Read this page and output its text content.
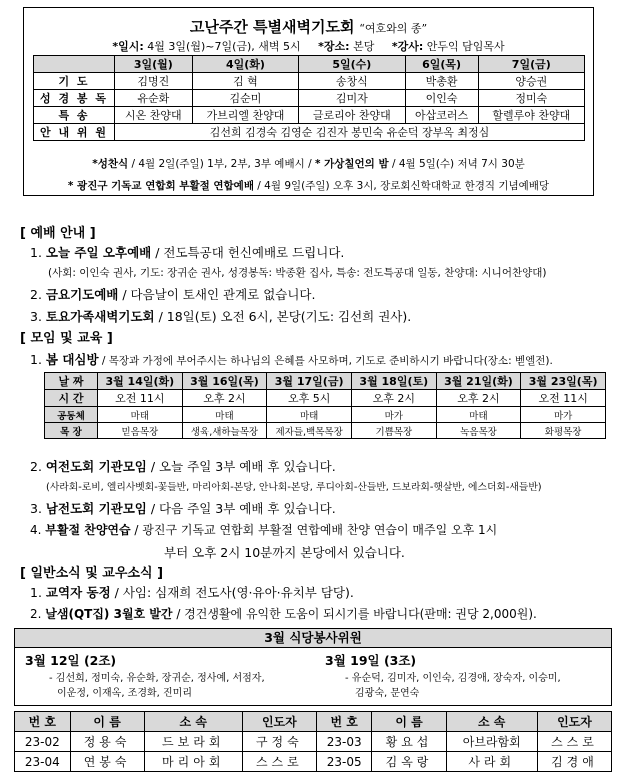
고난주간 특별새벽기도회 “여호와의 종”
*일시: 4월 3일(월)~7일(금), 새벽 5시 *장소: 본당 *강사: 안두익 담임목사
	3일(월)	4일(화)	5일(수)	6일(목)	7일(금)
기 도	김명진	김 혁	송창식	박총환	양승권
성 경 봉 독	유순화	김순미	김미자	이인숙	정미숙
특 송	시온 찬양대	가브리엘 찬양대	글로리아 찬양대	아삽코러스	할렐루야 찬양대
안 내 위 원	김선희 김경숙 김영순 김진자 봉민숙 유순덕 장부옥 최정심				
*성찬식 / 4월 2일(주일) 1부, 2부, 3부 예배시 / * 가상칠언의 밤 / 4월 5일(수) 저녁 7시 30분
* 광진구 기독교 연합회 부활절 연합예배 / 4월 9일(주일) 오후 3시, 장로회신학대학교 한경직 기념예배당
[ 예배 안내 ]
1. 오늘 주일 오후예배 / 전도특공대 헌신예배로 드립니다.
(사회: 이인숙 권사, 기도: 장귀순 권사, 성경봉독: 박종환 집사, 특송: 전도특공대 일동, 찬양대: 시니어찬양대)
2. 금요기도예배 / 다음날이 토새인 관계로 없습니다.
3. 토요가족새벽기도회 / 18일(토) 오전 6시, 본당(기도: 김선희 권사).
[ 모임 및 교육 ]
1. 봄 대심방 / 목장과 가정에 부어주시는 하나님의 은혜를 사모하며, 기도로 준비하시기 바랍니다(장소: 벧엘전).
날 짜	3월 14일(화)	3월 16일(목)	3월 17일(금)	3월 18일(토)	3월 21일(화)	3월 23일(목)
시 간	오전 11시	오후 2시	오후 5시	오후 2시	오후 2시	오전 11시
공동체	마태	마태	마태	마가	마태	마가
목 장	믿음목장	생육,새하늘목장	제자들,백목목장	기쁨목장	녹음목장	화평목장
2. 여전도회 기관모임 / 오늘 주일 3부 예배 후 있습니다.
(사라회-로비, 엘리사벳회-꽃들반, 마리아회-본당, 안나회-본당, 루디아회-산들반, 드보라회-햇살반, 에스더회-새들반)
3. 남전도회 기관모임 / 다음 주일 3부 예배 후 있습니다.
4. 부활절 찬양연습 / 광진구 기독교 연합회 부활절 연합예배 찬양 연습이 매주일 오후 1시
부터 오후 2시 10분까지 본당에서 있습니다.
[ 일반소식 및 교우소식 ]
1. 교역자 동정 / 사임: 심재희 전도사(영·유아·유치부 담당).
2. 날샘(QT집) 3월호 발간 / 경건생활에 유익한 도움이 되시기를 바랍니다(판매: 권당 2,000원).
3월 식당봉사위원
3월 12일 (2조)
- 김선희, 정미숙, 유순화, 장귀순, 정사예, 서점자,
이운정, 이재옥, 조경화, 진미리
3월 19일 (3조)
- 유순덕, 김미자, 이인숙, 김경애, 장숙자, 이승미,
김광숙, 문연숙
번 호	이 름	소 속	인도자	번 호	이 름	소 속	인도자
23-02	정용숙	드보라회	구정숙	23-03	황요섭	아브라함회	스스로
23-04	연봉숙	마리아회	스스로	23-05	김옥랑	사라회	김경애
